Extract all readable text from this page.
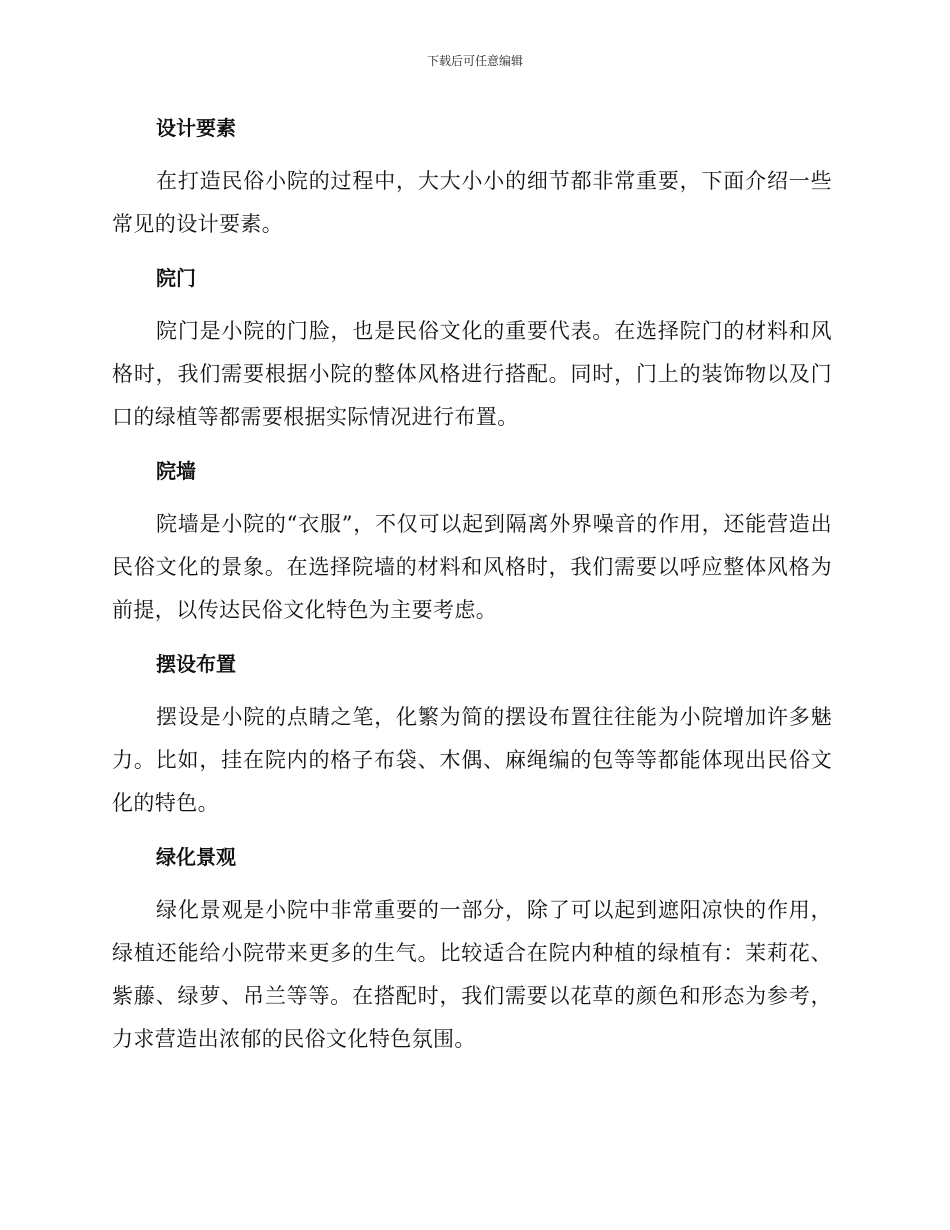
下载后可任意编辑
设计要素

在打造民俗小院的过程中，大大小小的细节都非常重要，下面介绍一些常见的设计要素。

院门

院门是小院的门脸，也是民俗文化的重要代表。在选择院门的材料和风格时，我们需要根据小院的整体风格进行搭配。同时，门上的装饰物以及门口的绿植等都需要根据实际情况进行布置。

院墙

院墙是小院的“衣服”，不仅可以起到隔离外界噪音的作用，还能营造出民俗文化的景象。在选择院墙的材料和风格时，我们需要以呼应整体风格为前提，以传达民俗文化特色为主要考虑。

摆设布置

摆设是小院的点睛之笔，化繁为简的摆设布置往往能为小院增加许多魅力。比如，挂在院内的格子布袋、木偶、麻绳编的包等等都能体现出民俗文化的特色。

绿化景观

绿化景观是小院中非常重要的一部分，除了可以起到遮阳凉快的作用，绿植还能给小院带来更多的生气。比较适合在院内种植的绿植有：茉莉花、紫藤、绿萝、吊兰等等。在搭配时，我们需要以花草的颜色和形态为参考，力求营造出浓郁的民俗文化特色氛围。
